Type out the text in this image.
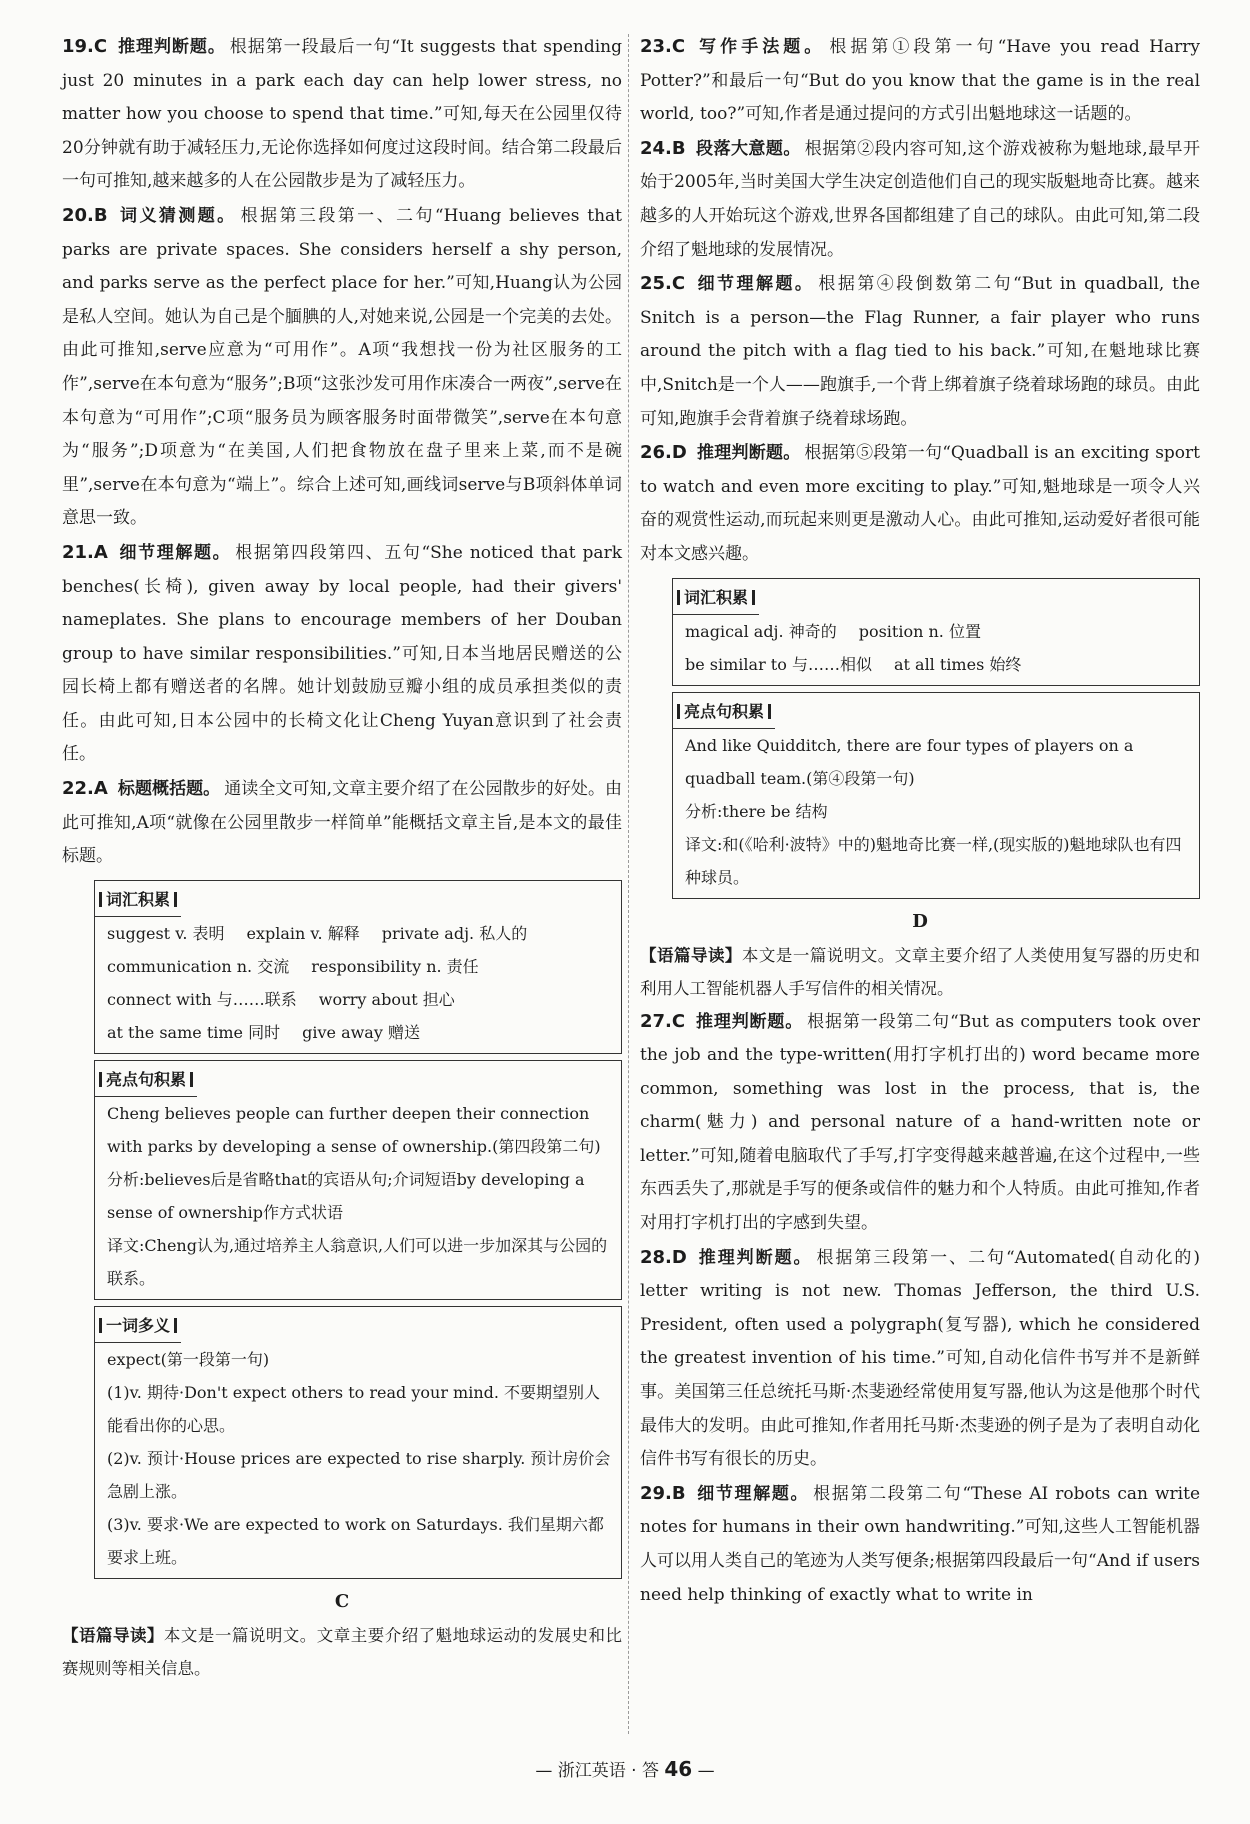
19.C 推理判断题。 根据第一段最后一句“It suggests that spending just 20 minutes in a park each day can help lower stress, no matter how you choose to spend that time.”可知,每天在公园里仅待20分钟就有助于减轻压力,无论你选择如何度过这段时间。结合第二段最后一句可推知,越来越多的人在公园散步是为了减轻压力。
20.B 词义猜测题。 根据第三段第一、二句“Huang believes that parks are private spaces. She considers herself a shy person, and parks serve as the perfect place for her.”可知,Huang认为公园是私人空间。她认为自己是个腼腆的人,对她来说,公园是一个完美的去处。由此可推知,serve应意为“可用作”。A项“我想找一份为社区服务的工作”,serve在本句意为“服务”;B项“这张沙发可用作床凑合一两夜”,serve在本句意为“可用作”;C项“服务员为顾客服务时面带微笑”,serve在本句意为“服务”;D项意为“在美国,人们把食物放在盘子里来上菜,而不是碗里”,serve在本句意为“端上”。综合上述可知,画线词serve与B项斜体单词意思一致。
21.A 细节理解题。 根据第四段第四、五句“She noticed that park benches(长椅), given away by local people, had their givers' nameplates. She plans to encourage members of her Douban group to have similar responsibilities.”可知,日本当地居民赠送的公园长椅上都有赠送者的名牌。她计划鼓励豆瓣小组的成员承担类似的责任。由此可知,日本公园中的长椅文化让Cheng Yuyan意识到了社会责任。
22.A 标题概括题。 通读全文可知,文章主要介绍了在公园散步的好处。由此可推知,A项“就像在公园里散步一样简单”能概括文章主旨,是本文的最佳标题。
词汇积累
suggest v. 表明 explain v. 解释 private adj. 私人的
communication n. 交流 responsibility n. 责任
connect with 与……联系 worry about 担心
at the same time 同时 give away 赠送
亮点句积累
Cheng believes people can further deepen their connection with parks by developing a sense of ownership.(第四段第二句)
分析:believes后是省略that的宾语从句;介词短语by developing a sense of ownership作方式状语
译文:Cheng认为,通过培养主人翁意识,人们可以进一步加深其与公园的联系。
一词多义
expect(第一段第一句)
(1)v. 期待·Don't expect others to read your mind. 不要期望别人能看出你的心思。
(2)v. 预计·House prices are expected to rise sharply. 预计房价会急剧上涨。
(3)v. 要求·We are expected to work on Saturdays. 我们星期六都要求上班。
C
【语篇导读】本文是一篇说明文。文章主要介绍了魁地球运动的发展史和比赛规则等相关信息。
23.C 写作手法题。 根据第①段第一句“Have you read Harry Potter?”和最后一句“But do you know that the game is in the real world, too?”可知,作者是通过提问的方式引出魁地球这一话题的。
24.B 段落大意题。 根据第②段内容可知,这个游戏被称为魁地球,最早开始于2005年,当时美国大学生决定创造他们自己的现实版魁地奇比赛。越来越多的人开始玩这个游戏,世界各国都组建了自己的球队。由此可知,第二段介绍了魁地球的发展情况。
25.C 细节理解题。 根据第④段倒数第二句“But in quadball, the Snitch is a person—the Flag Runner, a fair player who runs around the pitch with a flag tied to his back.”可知,在魁地球比赛中,Snitch是一个人——跑旗手,一个背上绑着旗子绕着球场跑的球员。由此可知,跑旗手会背着旗子绕着球场跑。
26.D 推理判断题。 根据第⑤段第一句“Quadball is an exciting sport to watch and even more exciting to play.”可知,魁地球是一项令人兴奋的观赏性运动,而玩起来则更是激动人心。由此可推知,运动爱好者很可能对本文感兴趣。
词汇积累
magical adj. 神奇的 position n. 位置
be similar to 与……相似 at all times 始终
亮点句积累
And like Quidditch, there are four types of players on a quadball team.(第④段第一句)
分析:there be 结构
译文:和(《哈利·波特》中的)魁地奇比赛一样,(现实版的)魁地球队也有四种球员。
D
【语篇导读】本文是一篇说明文。文章主要介绍了人类使用复写器的历史和利用人工智能机器人手写信件的相关情况。
27.C 推理判断题。 根据第一段第二句“But as computers took over the job and the type-written(用打字机打出的) word became more common, something was lost in the process, that is, the charm(魅力) and personal nature of a hand-written note or letter.”可知,随着电脑取代了手写,打字变得越来越普遍,在这个过程中,一些东西丢失了,那就是手写的便条或信件的魅力和个人特质。由此可推知,作者对用打字机打出的字感到失望。
28.D 推理判断题。 根据第三段第一、二句“Automated(自动化的) letter writing is not new. Thomas Jefferson, the third U.S. President, often used a polygraph(复写器), which he considered the greatest invention of his time.”可知,自动化信件书写并不是新鲜事。美国第三任总统托马斯·杰斐逊经常使用复写器,他认为这是他那个时代最伟大的发明。由此可推知,作者用托马斯·杰斐逊的例子是为了表明自动化信件书写有很长的历史。
29.B 细节理解题。 根据第二段第二句“These AI robots can write notes for humans in their own handwriting.”可知,这些人工智能机器人可以用人类自己的笔迹为人类写便条;根据第四段最后一句“And if users need help thinking of exactly what to write in
— 浙江英语 · 答 46 —
